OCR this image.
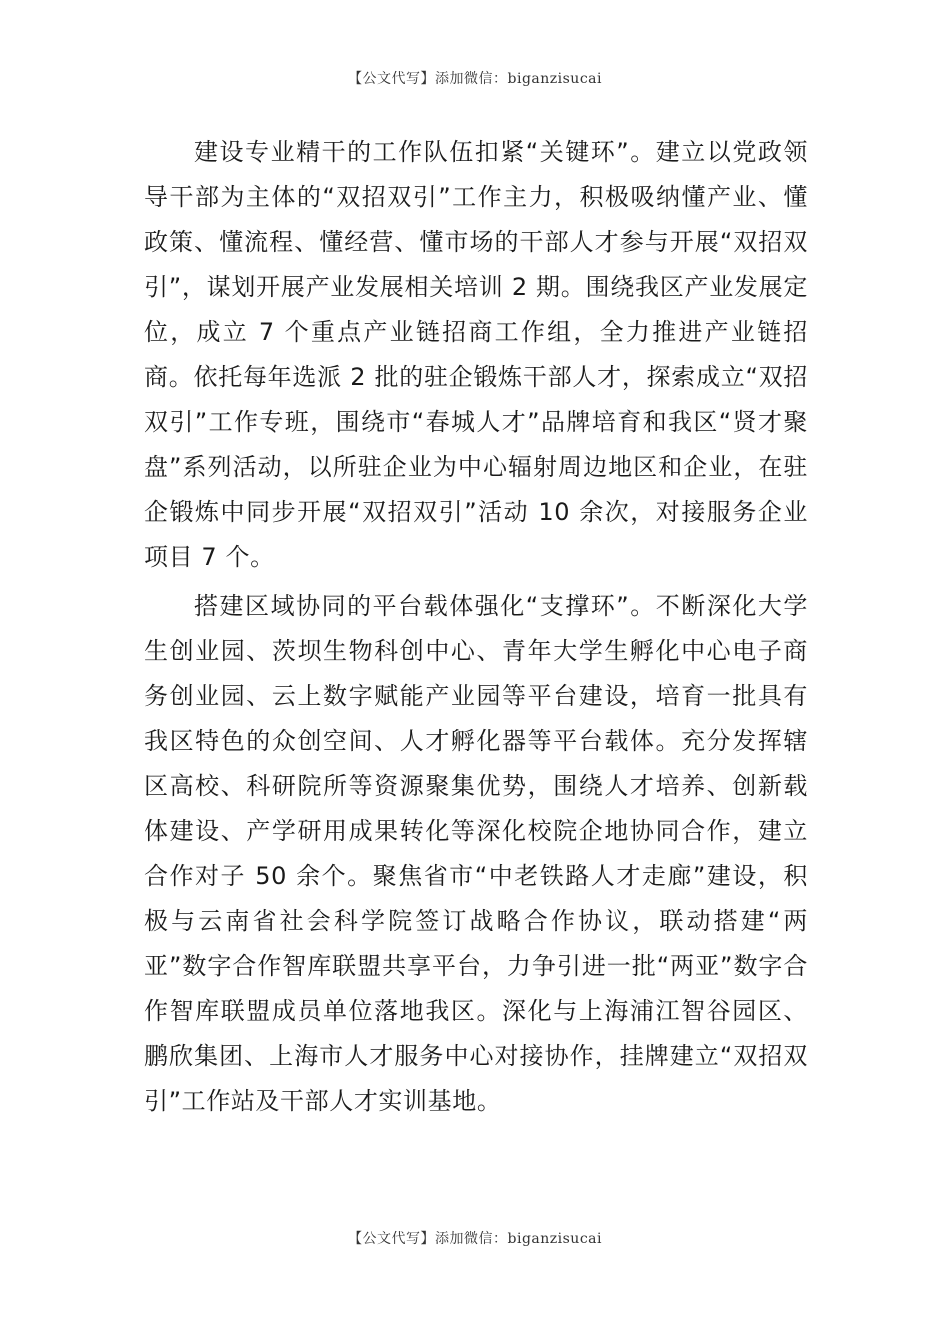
【公文代写】添加微信：biganzisucai

建设专业精干的工作队伍扣紧“关键环”。建立以党政领导干部为主体的“双招双引”工作主力，积极吸纳懂产业、懂政策、懂流程、懂经营、懂市场的干部人才参与开展“双招双引”，谋划开展产业发展相关培训 2 期。围绕我区产业发展定位，成立 7 个重点产业链招商工作组，全力推进产业链招商。依托每年选派 2 批的驻企锻炼干部人才，探索成立“双招双引”工作专班，围绕市“春城人才”品牌培育和我区“贤才聚盘”系列活动，以所驻企业为中心辐射周边地区和企业，在驻企锻炼中同步开展“双招双引”活动 10 余次，对接服务企业项目 7 个。

搭建区域协同的平台载体强化“支撑环”。不断深化大学生创业园、茨坝生物科创中心、青年大学生孵化中心电子商务创业园、云上数字赋能产业园等平台建设，培育一批具有我区特色的众创空间、人才孵化器等平台载体。充分发挥辖区高校、科研院所等资源聚集优势，围绕人才培养、创新载体建设、产学研用成果转化等深化校院企地协同合作，建立合作对子 50 余个。聚焦省市“中老铁路人才走廊”建设，积极与云南省社会科学院签订战略合作协议，联动搭建“两亚”数字合作智库联盟共享平台，力争引进一批“两亚”数字合作智库联盟成员单位落地我区。深化与上海浦江智谷园区、鹏欣集团、上海市人才服务中心对接协作，挂牌建立“双招双引”工作站及干部人才实训基地。

【公文代写】添加微信：biganzisucai
